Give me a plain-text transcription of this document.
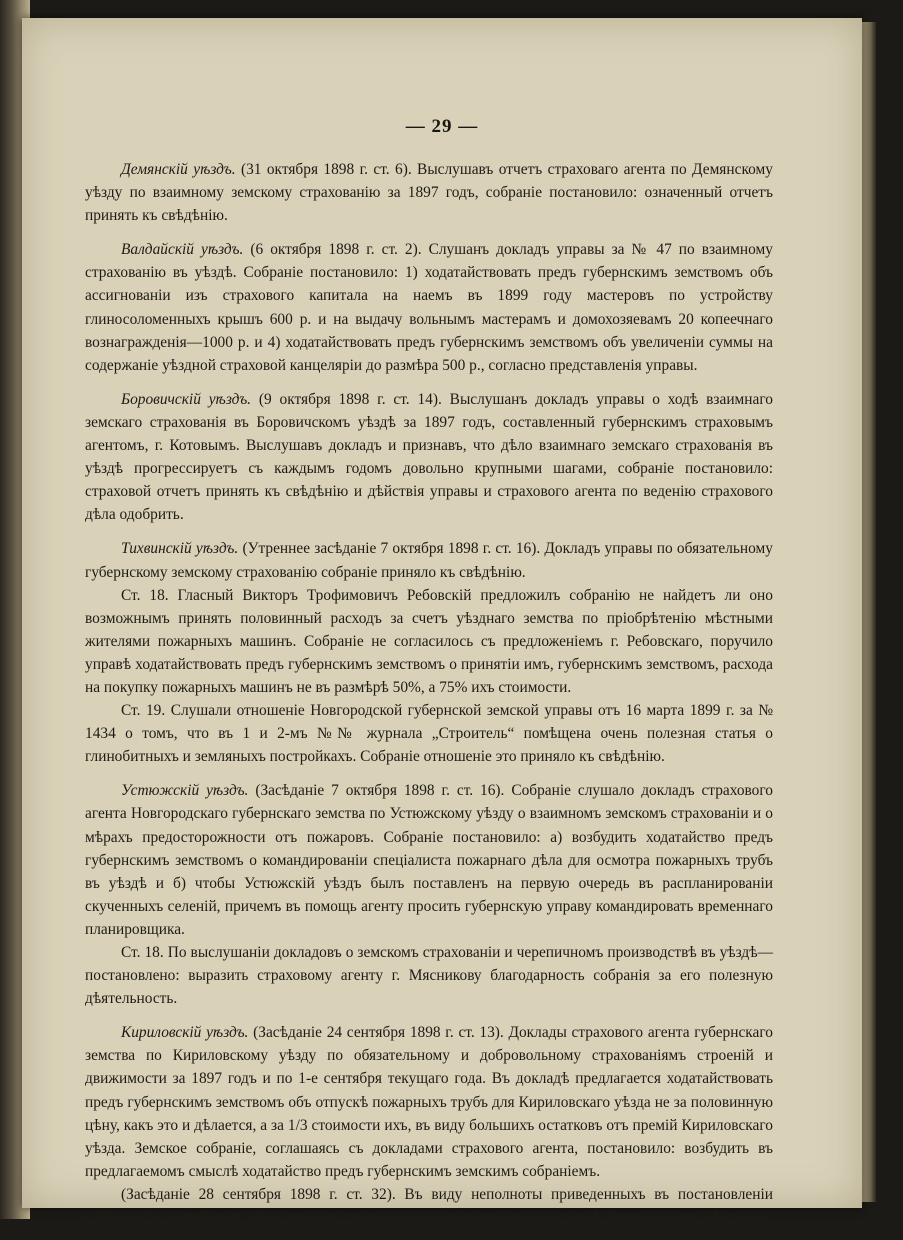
— 29 —

Демянскій уѣздъ. (31 октября 1898 г. ст. 6). Выслушавъ отчетъ страховаго агента по Демянскому уѣзду по взаимному земскому страхованію за 1897 годъ, собраніе постановило: означенный отчетъ принять къ свѣдѣнію.

Валдайскій уѣздъ. (6 октября 1898 г. ст. 2). Слушанъ докладъ управы за № 47 по взаимному страхованію въ уѣздѣ. Собраніе постановило: 1) ходатайствовать предъ губернскимъ земствомъ объ ассигнованіи изъ страхового капитала на наемъ въ 1899 году мастеровъ по устройству глиносоломенныхъ крышъ 600 р. и на выдачу вольнымъ мастерамъ и домохозяевамъ 20 копеечнаго вознагражденія—1000 р. и 4) ходатайствовать предъ губернскимъ земствомъ объ увеличеніи суммы на содержаніе уѣздной страховой канцеляріи до размѣра 500 р., согласно представленія управы.

Боровичскій уѣздъ. (9 октября 1898 г. ст. 14). Выслушанъ докладъ управы о ходѣ взаимнаго земскаго страхованія въ Боровичскомъ уѣздѣ за 1897 годъ, составленный губернскимъ страховымъ агентомъ, г. Котовымъ. Выслушавъ докладъ и признавъ, что дѣло взаимнаго земскаго страхованія въ уѣздѣ прогрессируетъ съ каждымъ годомъ довольно крупными шагами, собраніе постановило: страховой отчетъ принять къ свѣдѣнію и дѣйствія управы и страхового агента по веденію страхового дѣла одобрить.

Тихвинскій уѣздъ. (Утреннее засѣданіе 7 октября 1898 г. ст. 16). Докладъ управы по обязательному губернскому земскому страхованію собраніе приняло къ свѣдѣнію.

Ст. 18. Гласный Викторъ Трофимовичъ Ребовскій предложилъ собранію не найдетъ ли оно возможнымъ принять половинный расходъ за счетъ уѣзднаго земства по пріобрѣтенію мѣстными жителями пожарныхъ машинъ. Собраніе не согласилось съ предложеніемъ г. Ребовскаго, поручило управѣ ходатайствовать предъ губернскимъ земствомъ о принятіи имъ, губернскимъ земствомъ, расхода на покупку пожарныхъ машинъ не въ размѣрѣ 50%, а 75% ихъ стоимости.

Ст. 19. Слушали отношеніе Новгородской губернской земской управы отъ 16 марта 1899 г. за № 1434 о томъ, что въ 1 и 2-мъ №№ журнала „Строитель“ помѣщена очень полезная статья о глинобитныхъ и земляныхъ постройкахъ. Собраніе отношеніе это приняло къ свѣдѣнію.

Устюжскій уѣздъ. (Засѣданіе 7 октября 1898 г. ст. 16). Собраніе слушало докладъ страхового агента Новгородскаго губернскаго земства по Устюжскому уѣзду о взаимномъ земскомъ страхованіи и о мѣрахъ предосторожности отъ пожаровъ. Собраніе постановило: а) возбудить ходатайство предъ губернскимъ земствомъ о командированіи спеціалиста пожарнаго дѣла для осмотра пожарныхъ трубъ въ уѣздѣ и б) чтобы Устюжскій уѣздъ былъ поставленъ на первую очередь въ распланированіи скученныхъ селеній, причемъ въ помощь агенту просить губернскую управу командировать временнаго планировщика.

Ст. 18. По выслушаніи докладовъ о земскомъ страхованіи и черепичномъ производствѣ въ уѣздѣ—постановлено: выразить страховому агенту г. Мясникову благодарность собранія за его полезную дѣятельность.

Кириловскій уѣздъ. (Засѣданіе 24 сентября 1898 г. ст. 13). Доклады страхового агента губернскаго земства по Кириловскому уѣзду по обязательному и добровольному страхованіямъ строеній и движимости за 1897 годъ и по 1-е сентября текущаго года. Въ докладѣ предлагается ходатайствовать предъ губернскимъ земствомъ объ отпускѣ пожарныхъ трубъ для Кириловскаго уѣзда не за половинную цѣну, какъ это и дѣлается, а за 1/3 стоимости ихъ, въ виду большихъ остатковъ отъ премій Кириловскаго уѣзда. Земское собраніе, соглашаясь съ докладами страхового агента, постановило: возбудить въ предлагаемомъ смыслѣ ходатайство предъ губернскимъ земскимъ собраніемъ.

(Засѣданіе 28 сентября 1898 г. ст. 32). Въ виду неполноты приведенныхъ въ постановленіи собранія 24 сентября ст. 13 по докладу страхового агента мотивовъ къ уступкѣ Кириловскому уѣзду по-
